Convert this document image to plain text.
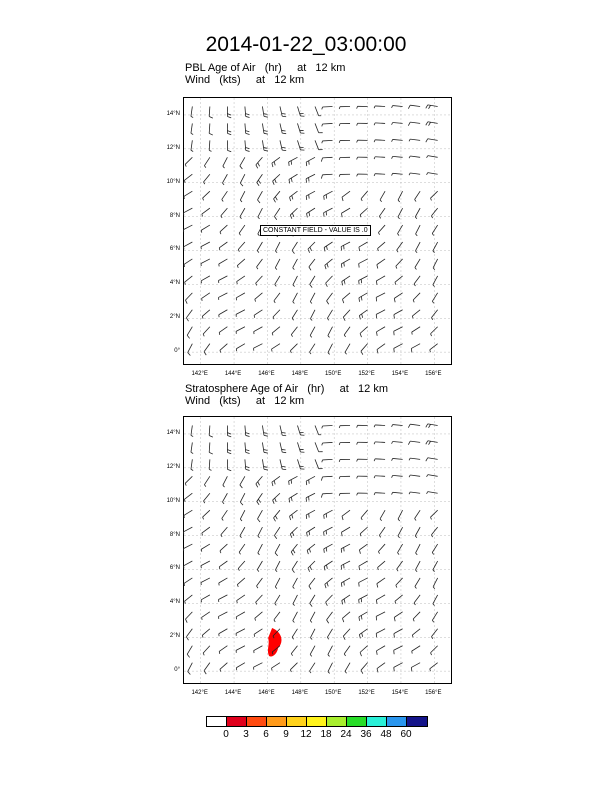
2014-01-22_03:00:00
PBL Age of Air   (hr)     at   12 km
Wind   (kts)     at   12 km
CONSTANT FIELD - VALUE IS .0
14°N
12°N
10°N
8°N
6°N
4°N
2°N
0°
142°E	144°E	146°E	148°E	150°E	152°E	154°E	156°E
Stratosphere Age of Air   (hr)     at   12 km
Wind   (kts)     at   12 km
14°N
12°N
10°N
8°N
6°N
4°N
2°N
0°
142°E	144°E	146°E	148°E	150°E	152°E	154°E	156°E
0	3	6	9	12 18 24 36 48 60
